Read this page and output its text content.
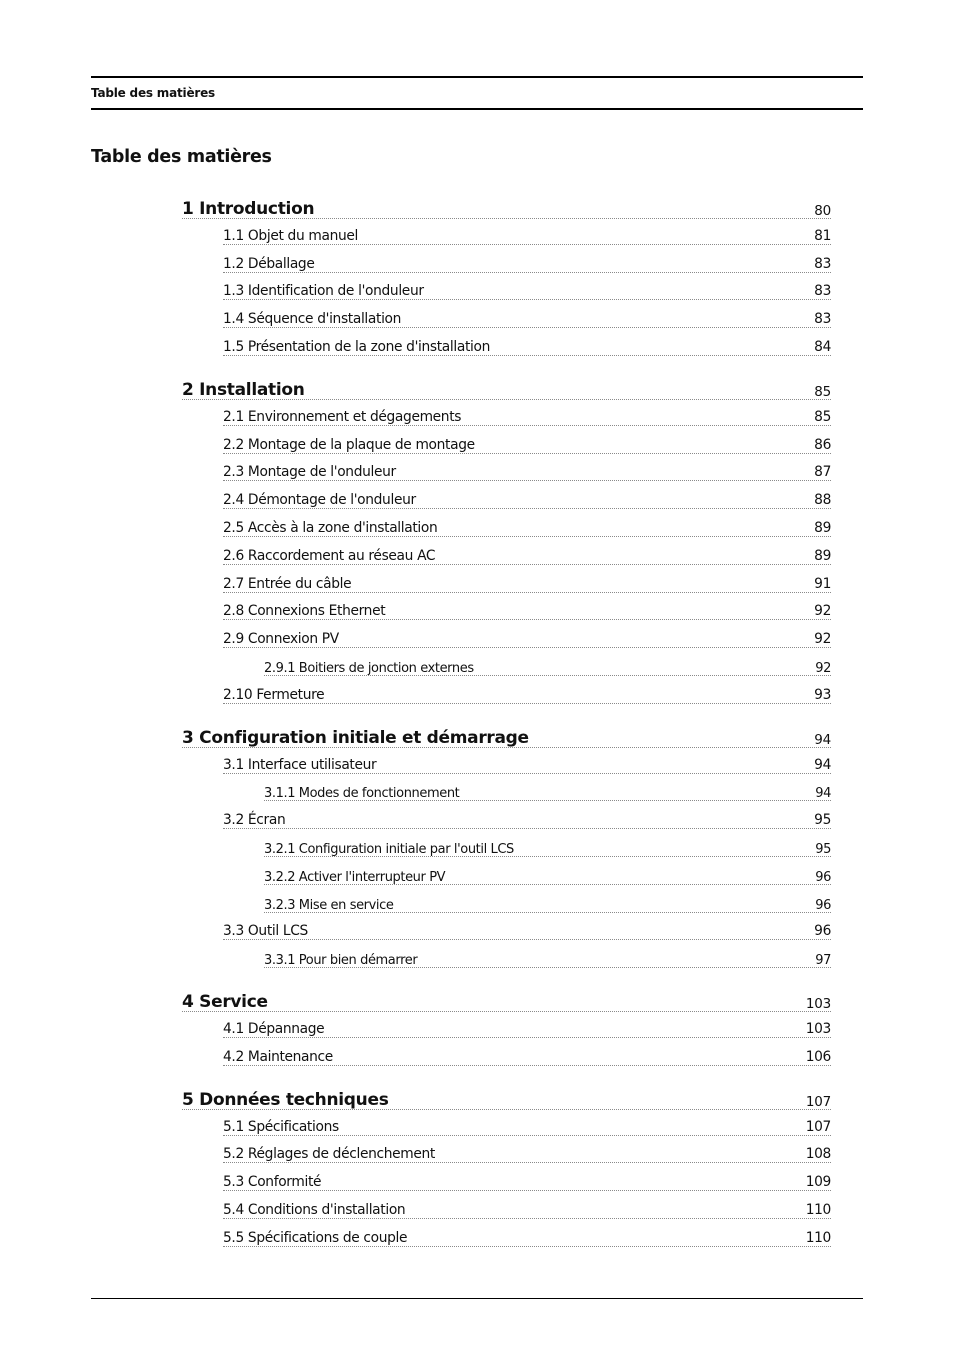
Table des matières
Table des matières
1 Introduction	80
1.1 Objet du manuel	81
1.2 Déballage	83
1.3 Identification de l'onduleur	83
1.4 Séquence d'installation	83
1.5 Présentation de la zone d'installation	84
2 Installation	85
2.1 Environnement et dégagements	85
2.2 Montage de la plaque de montage	86
2.3 Montage de l'onduleur	87
2.4 Démontage de l'onduleur	88
2.5 Accès à la zone d'installation	89
2.6 Raccordement au réseau AC	89
2.7 Entrée du câble	91
2.8 Connexions Ethernet	92
2.9 Connexion PV	92
2.9.1 Boitiers de jonction externes	92
2.10 Fermeture	93
3 Configuration initiale et démarrage	94
3.1 Interface utilisateur	94
3.1.1 Modes de fonctionnement	94
3.2 Écran	95
3.2.1 Configuration initiale par l'outil LCS	95
3.2.2 Activer l'interrupteur PV	96
3.2.3 Mise en service	96
3.3 Outil LCS	96
3.3.1 Pour bien démarrer	97
4 Service	103
4.1 Dépannage	103
4.2 Maintenance	106
5 Données techniques	107
5.1 Spécifications	107
5.2 Réglages de déclenchement	108
5.3 Conformité	109
5.4 Conditions d'installation	110
5.5 Spécifications de couple	110
